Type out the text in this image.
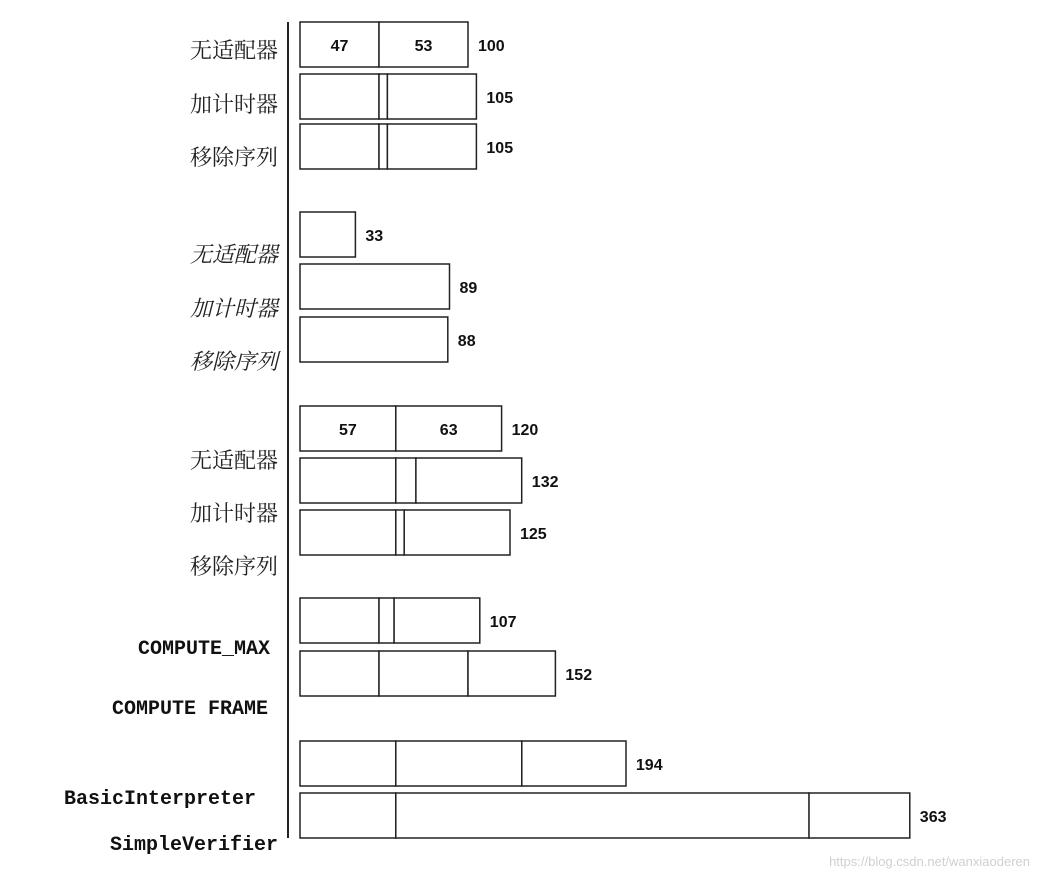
无适配器
加计时器
移除序列
无适配器
加计时器
移除序列
无适配器
加计时器
移除序列
COMPUTE_MAX
COMPUTE FRAME
BasicInterpreter
SimpleVerifier
47	53	100
105
105
33
89
88
57	63	120
132
125
107
152
194
363
https://blog.csdn.net/wanxiaoderen
